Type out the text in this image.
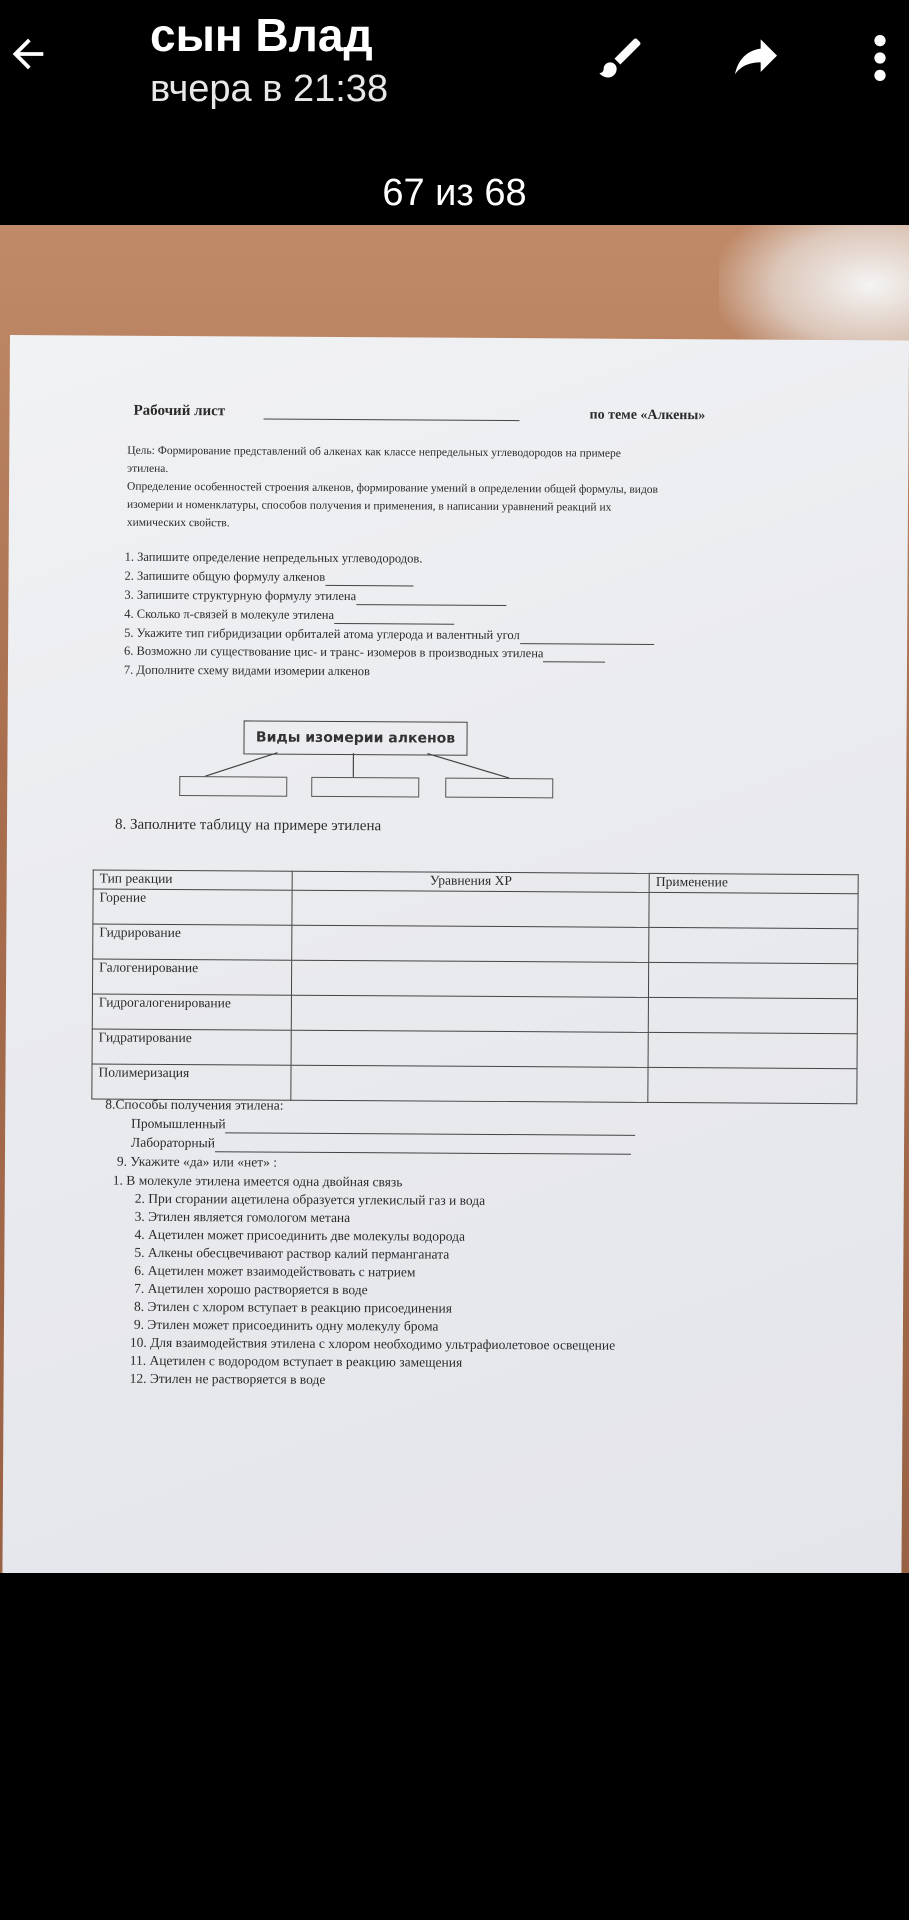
сын Влад
вчера в 21:38
67 из 68
Рабочий лист	по теме «Алкены»
Цель: Формирование представлений об алкенах как классе непредельных углеводородов на примере
этилена.
Определение особенностей строения алкенов, формирование умений в определении общей формулы, видов
изомерии и номенклатуры, способов получения и применения, в написании уравнений реакций их
химических свойств.
1. Запишите определение непредельных углеводородов.
2. Запишите общую формулу алкенов
3. Запишите структурную формулу этилена
4. Сколько π-связей в молекуле этилена
5. Укажите тип гибридизации орбиталей атома углерода и валентный угол
6. Возможно ли существование цис- и транс- изомеров в производных этилена
7. Дополните схему видами изомерии алкенов
Виды изомерии алкенов
8. Заполните таблицу на примере этилена
Тип реакции	Уравнения ХР	Применение
Горение		
Гидрирование		
Галогенирование		
Гидрогалогенирование		
Гидратирование		
Полимеризация		
8.Способы получения этилена:
Промышленный
Лабораторный
9. Укажите «да» или «нет» :
1. В молекуле этилена имеется одна двойная связь
2. При сгорании ацетилена образуется углекислый газ и вода
3. Этилен является гомологом метана
4. Ацетилен может присоединить две молекулы водорода
5. Алкены обесцвечивают раствор калий перманганата
6. Ацетилен может взаимодействовать с натрием
7. Ацетилен хорошо растворяется в воде
8. Этилен с хлором вступает в реакцию присоединения
9. Этилен может присоединить одну молекулу брома
10. Для взаимодействия этилена с хлором необходимо ультрафиолетовое освещение
11. Ацетилен с водородом вступает в реакцию замещения
12. Этилен не растворяется в воде
